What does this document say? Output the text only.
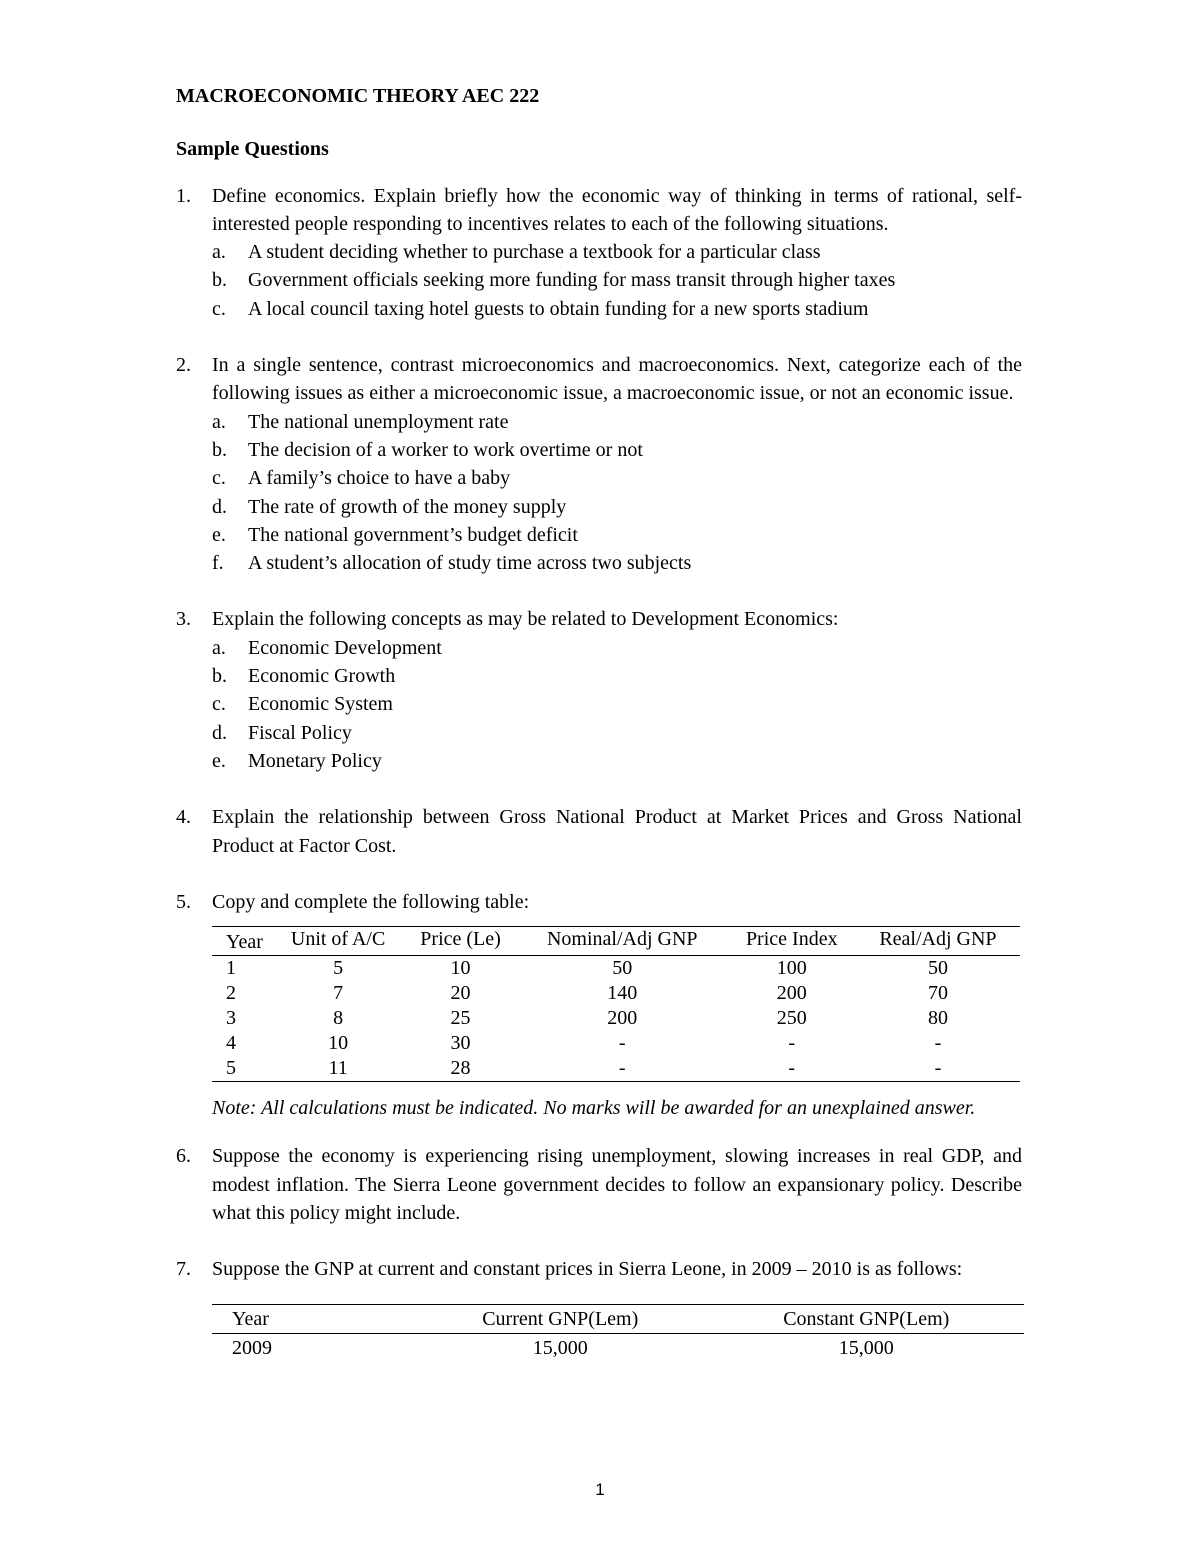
MACROECONOMIC THEORY AEC 222
Sample Questions
1. Define economics. Explain briefly how the economic way of thinking in terms of rational, self-interested people responding to incentives relates to each of the following situations.
a. A student deciding whether to purchase a textbook for a particular class
b. Government officials seeking more funding for mass transit through higher taxes
c. A local council taxing hotel guests to obtain funding for a new sports stadium
2. In a single sentence, contrast microeconomics and macroeconomics. Next, categorize each of the following issues as either a microeconomic issue, a macroeconomic issue, or not an economic issue.
a. The national unemployment rate
b. The decision of a worker to work overtime or not
c. A family’s choice to have a baby
d. The rate of growth of the money supply
e. The national government’s budget deficit
f. A student’s allocation of study time across two subjects
3. Explain the following concepts as may be related to Development Economics:
a. Economic Development
b. Economic Growth
c. Economic System
d. Fiscal Policy
e. Monetary Policy
4. Explain the relationship between Gross National Product at Market Prices and Gross National Product at Factor Cost.
5. Copy and complete the following table:
Year	Unit of A/C	Price (Le)	Nominal/Adj GNP	Price Index	Real/Adj GNP
1	5	10	50	100	50
2	7	20	140	200	70
3	8	25	200	250	80
4	10	30	-	-	-
5	11	28	-	-	-
Note: All calculations must be indicated. No marks will be awarded for an unexplained answer.
6. Suppose the economy is experiencing rising unemployment, slowing increases in real GDP, and modest inflation. The Sierra Leone government decides to follow an expansionary policy. Describe what this policy might include.
7. Suppose the GNP at current and constant prices in Sierra Leone, in 2009 – 2010 is as follows:
Year	Current GNP(Lem)	Constant GNP(Lem)
2009	15,000	15,000
1
